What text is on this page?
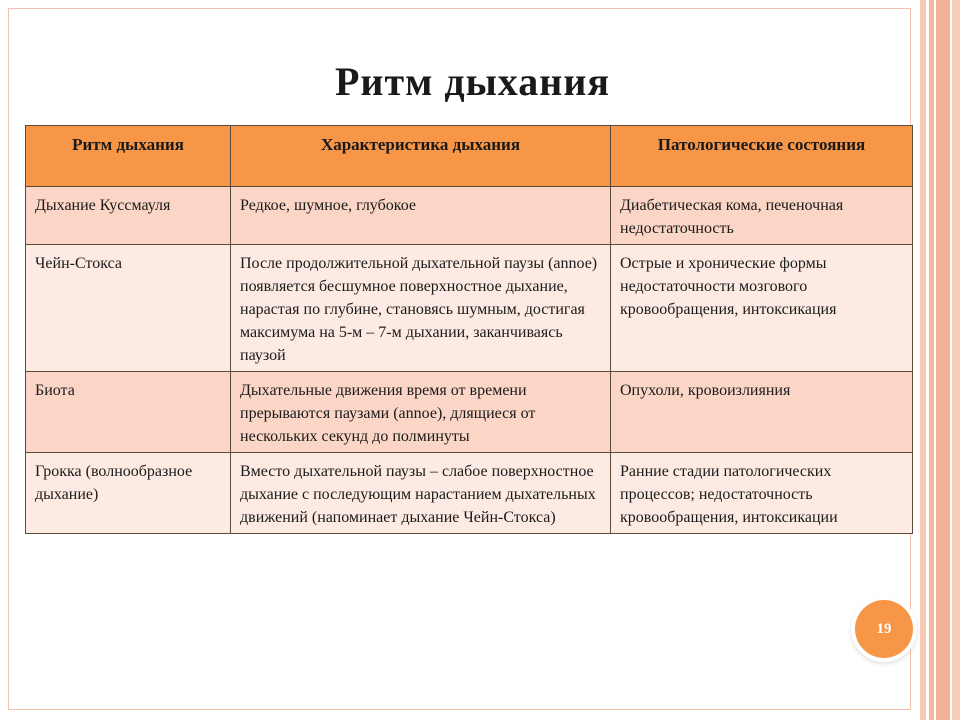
Ритм дыхания
Ритм дыхания	Характеристика дыхания	Патологические состояния
Дыхание Куссмауля	Редкое, шумное, глубокое	Диабетическая кома, печеночная недостаточность
Чейн-Стокса	После продолжительной дыхательной паузы (аnnое) появляется бесшумное поверхностное дыхание, нарастая по глубине, становясь шумным, достигая максимума на 5-м – 7-м дыхании, заканчиваясь паузой	Острые и хронические формы недостаточности мозгового кровообращения, интоксикация
Биота	Дыхательные движения время от времени прерываются паузами (аnnое), длящиеся от нескольких секунд до полминуты	Опухоли, кровоизлияния
Грокка (волнообразное дыхание)	Вместо дыхательной паузы – слабое поверхностное дыхание с последующим нарастанием дыхательных движений (напоминает дыхание Чейн-Стокса)	Ранние стадии патологических процессов; недостаточность кровообращения, интоксикации
19
